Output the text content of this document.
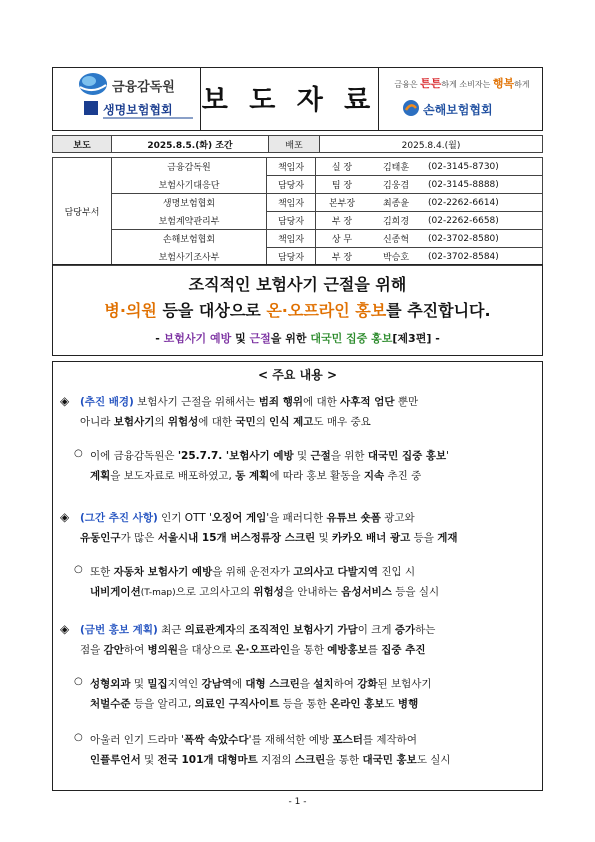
금융감독원
생명보험협회 보 도 자 료
금융은 튼튼하게 소비자는 행복하게
손해보험협회
보도	2025.8.5.(화) 조간	배포	2025.8.4.(월)
담당부서	금융감독원	책임자	실 장	김태훈	(02-3145-8730)
	보험사기대응단	담당자	팀 장	김웅겸	(02-3145-8888)
	생명보험협회	책임자	본부장	최종윤	(02-2262-6614)
	보험계약관리부	담당자	부 장	김희경	(02-2262-6658)
	손해보험협회	책임자	상 무	신종혁	(02-3702-8580)
	보험사기조사부	담당자	부 장	박승호	(02-3702-8584)
조직적인 보험사기 근절을 위해
병·의원 등을 대상으로 온·오프라인 홍보를 추진합니다.
- 보험사기 예방 및 근절을 위한 대국민 집중 홍보[제3편] -
< 주요 내용 >
◈ (추진 배경) 보험사기 근절을 위해서는 범죄 행위에 대한 사후적 엄단 뿐만
아니라 보험사기의 위험성에 대한 국민의 인식 제고도 매우 중요
○ 이에 금융감독원은 '25.7.7. '보험사기 예방 및 근절을 위한 대국민 집중 홍보'
계획을 보도자료로 배포하였고, 동 계획에 따라 홍보 활동을 지속 추진 중
◈ (그간 추진 사항) 인기 OTT '오징어 게임'을 패러디한 유튜브 숏폼 광고와
유동인구가 많은 서울시내 15개 버스정류장 스크린 및 카카오 배너 광고 등을 게재
○ 또한 자동차 보험사기 예방을 위해 운전자가 고의사고 다발지역 진입 시
내비게이션(T-map)으로 고의사고의 위험성을 안내하는 음성서비스 등을 실시
◈ (금번 홍보 계획) 최근 의료관계자의 조직적인 보험사기 가담이 크게 증가하는
점을 감안하여 병의원을 대상으로 온·오프라인을 통한 예방홍보를 집중 추진
○ 성형외과 및 밀집지역인 강남역에 대형 스크린을 설치하여 강화된 보험사기
처벌수준 등을 알리고, 의료인 구직사이트 등을 통한 온라인 홍보도 병행
○ 아울러 인기 드라마 '폭싹 속았수다'를 재해석한 예방 포스터를 제작하여
인플루언서 및 전국 101개 대형마트 지점의 스크린을 통한 대국민 홍보도 실시
- 1 -
